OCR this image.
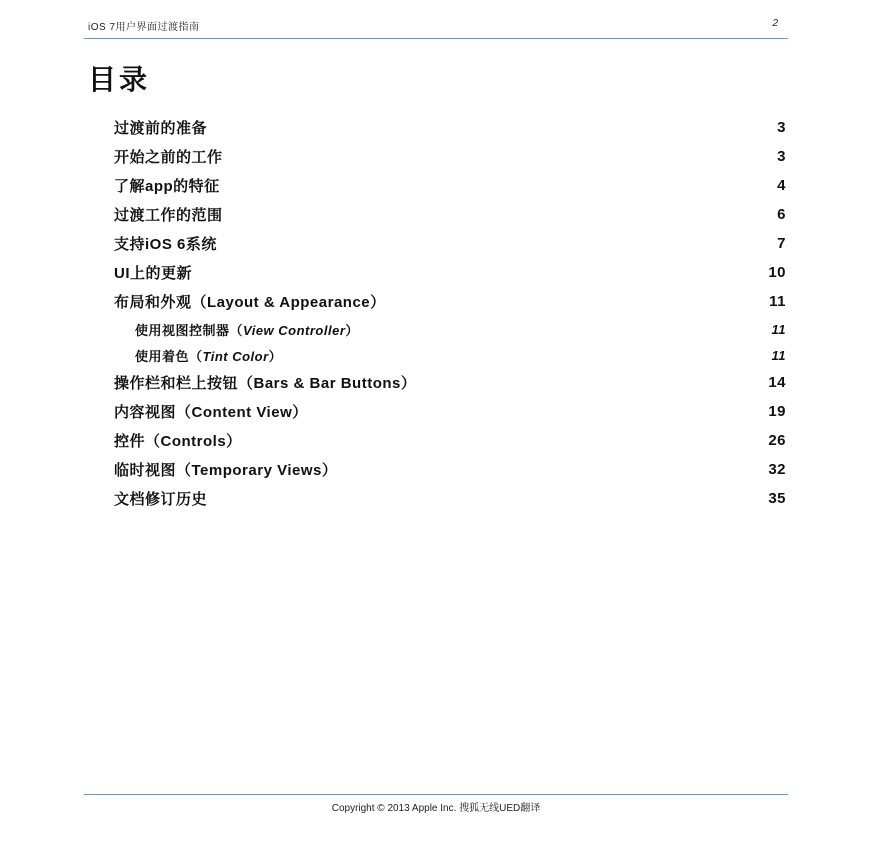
iOS 7用户界面过渡指南	2
目录
过渡前的准备	3
开始之前的工作	3
了解app的特征	4
过渡工作的范围	6
支持iOS 6系统	7
UI上的更新	10
布局和外观（Layout & Appearance）	11
使用视图控制器（View Controller）	11
使用着色（Tint Color）	11
操作栏和栏上按钮（Bars & Bar Buttons）	14
内容视图（Content View）	19
控件（Controls）	26
临时视图（Temporary Views）	32
文档修订历史	35
Copyright © 2013 Apple Inc. 搜狐无线UED翻译
